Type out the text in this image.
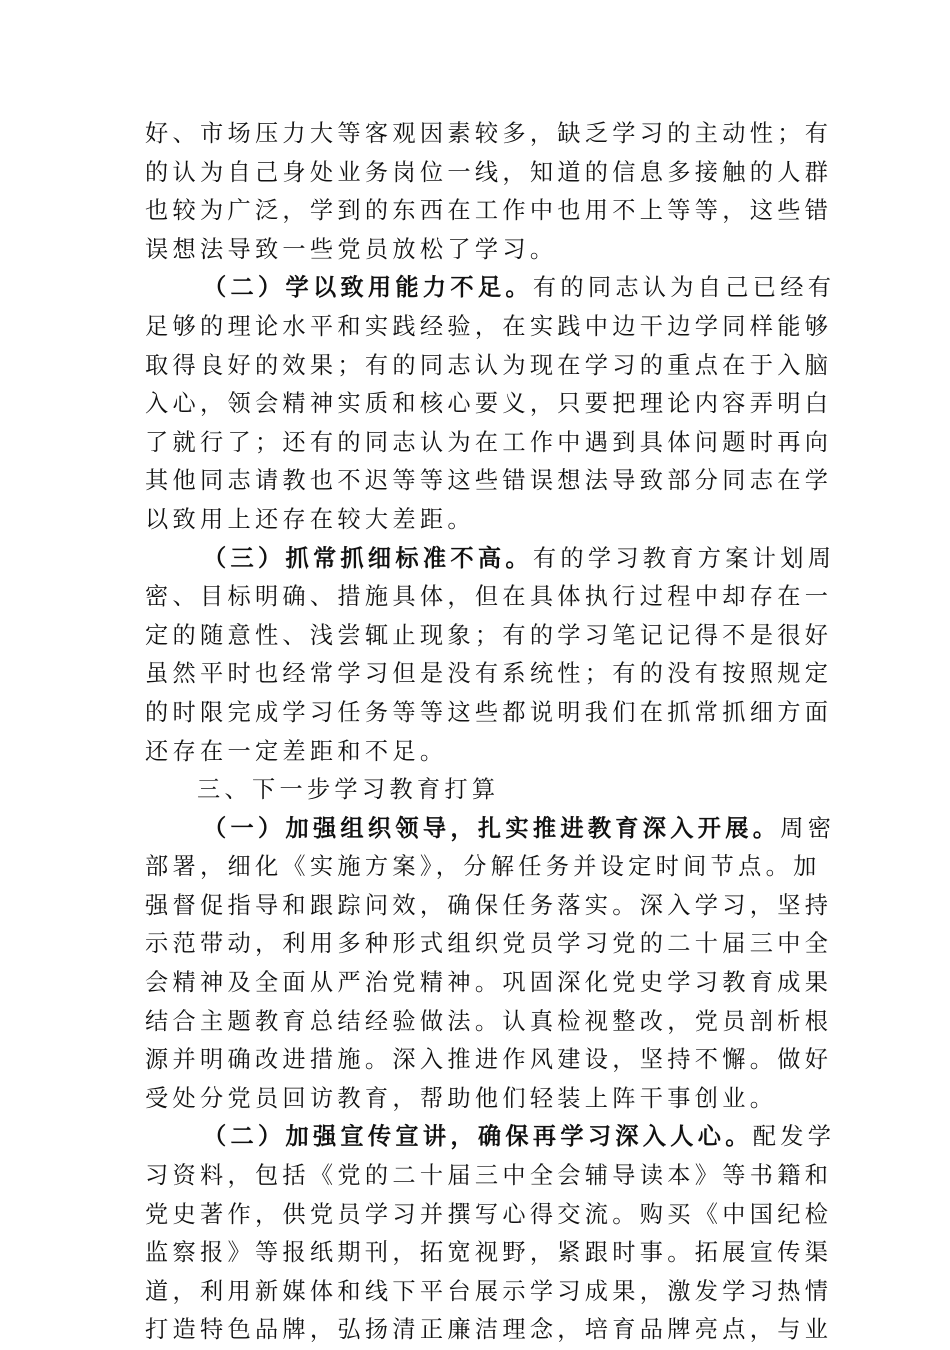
好、市场压力大等客观因素较多，缺乏学习的主动性；有
的认为自己身处业务岗位一线，知道的信息多接触的人群
也较为广泛，学到的东西在工作中也用不上等等，这些错
误想法导致一些党员放松了学习。
（二）学以致用能力不足。有的同志认为自己已经有
足够的理论水平和实践经验，在实践中边干边学同样能够
取得良好的效果；有的同志认为现在学习的重点在于入脑
入心，领会精神实质和核心要义，只要把理论内容弄明白
了就行了；还有的同志认为在工作中遇到具体问题时再向
其他同志请教也不迟等等这些错误想法导致部分同志在学
以致用上还存在较大差距。
（三）抓常抓细标准不高。有的学习教育方案计划周
密、目标明确、措施具体，但在具体执行过程中却存在一
定的随意性、浅尝辄止现象；有的学习笔记记得不是很好
虽然平时也经常学习但是没有系统性；有的没有按照规定
的时限完成学习任务等等这些都说明我们在抓常抓细方面
还存在一定差距和不足。
三、下一步学习教育打算
（一）加强组织领导，扎实推进教育深入开展。周密
部署，细化《实施方案》，分解任务并设定时间节点。加
强督促指导和跟踪问效，确保任务落实。深入学习，坚持
示范带动，利用多种形式组织党员学习党的二十届三中全
会精神及全面从严治党精神。巩固深化党史学习教育成果
结合主题教育总结经验做法。认真检视整改，党员剖析根
源并明确改进措施。深入推进作风建设，坚持不懈。做好
受处分党员回访教育，帮助他们轻装上阵干事创业。
（二）加强宣传宣讲，确保再学习深入人心。配发学
习资料，包括《党的二十届三中全会辅导读本》等书籍和
党史著作，供党员学习并撰写心得交流。购买《中国纪检
监察报》等报纸期刊，拓宽视野，紧跟时事。拓展宣传渠
道，利用新媒体和线下平台展示学习成果，激发学习热情
打造特色品牌，弘扬清正廉洁理念，培育品牌亮点，与业
